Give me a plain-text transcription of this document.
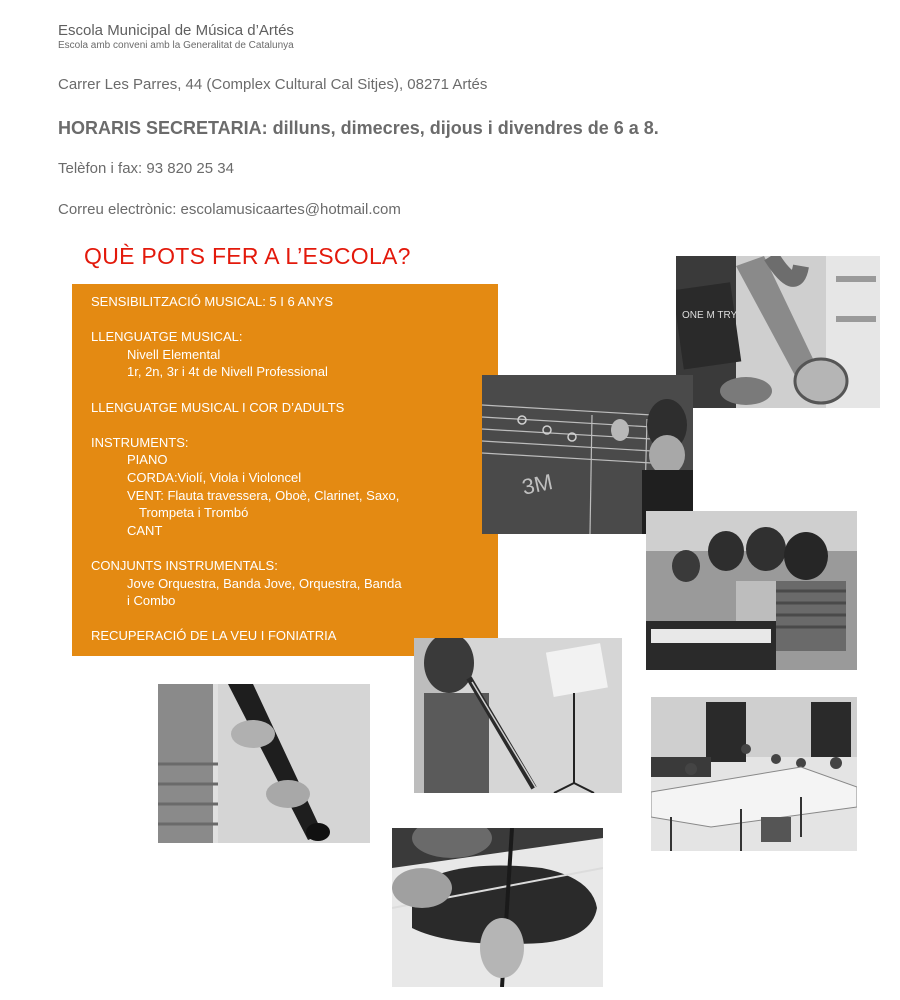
Escola Municipal de Música d’Artés
Escola amb conveni amb la Generalitat de Catalunya
Carrer Les Parres, 44 (Complex Cultural Cal Sitjes), 08271 Artés
HORARIS SECRETARIA: dilluns, dimecres, dijous i divendres de 6 a 8.
Telèfon i fax: 93 820 25 34
Correu electrònic: escolamusicaartes@hotmail.com
QUÈ POTS FER A L’ESCOLA?
SENSIBILITZACIÓ MUSICAL: 5 I 6 ANYS
LLENGUATGE MUSICAL:
Nivell Elemental
1r, 2n, 3r i 4t de Nivell Professional
LLENGUATGE MUSICAL I COR D’ADULTS
INSTRUMENTS:
PIANO
CORDA:Violí, Viola i Violoncel
VENT: Flauta travessera, Oboè, Clarinet, Saxo,
Trompeta i Trombó
CANT
CONJUNTS INSTRUMENTALS:
Jove Orquestra, Banda Jove, Orquestra, Banda
i Combo
RECUPERACIÓ DE LA VEU I FONIATRIA
ONE M TRY
3M
